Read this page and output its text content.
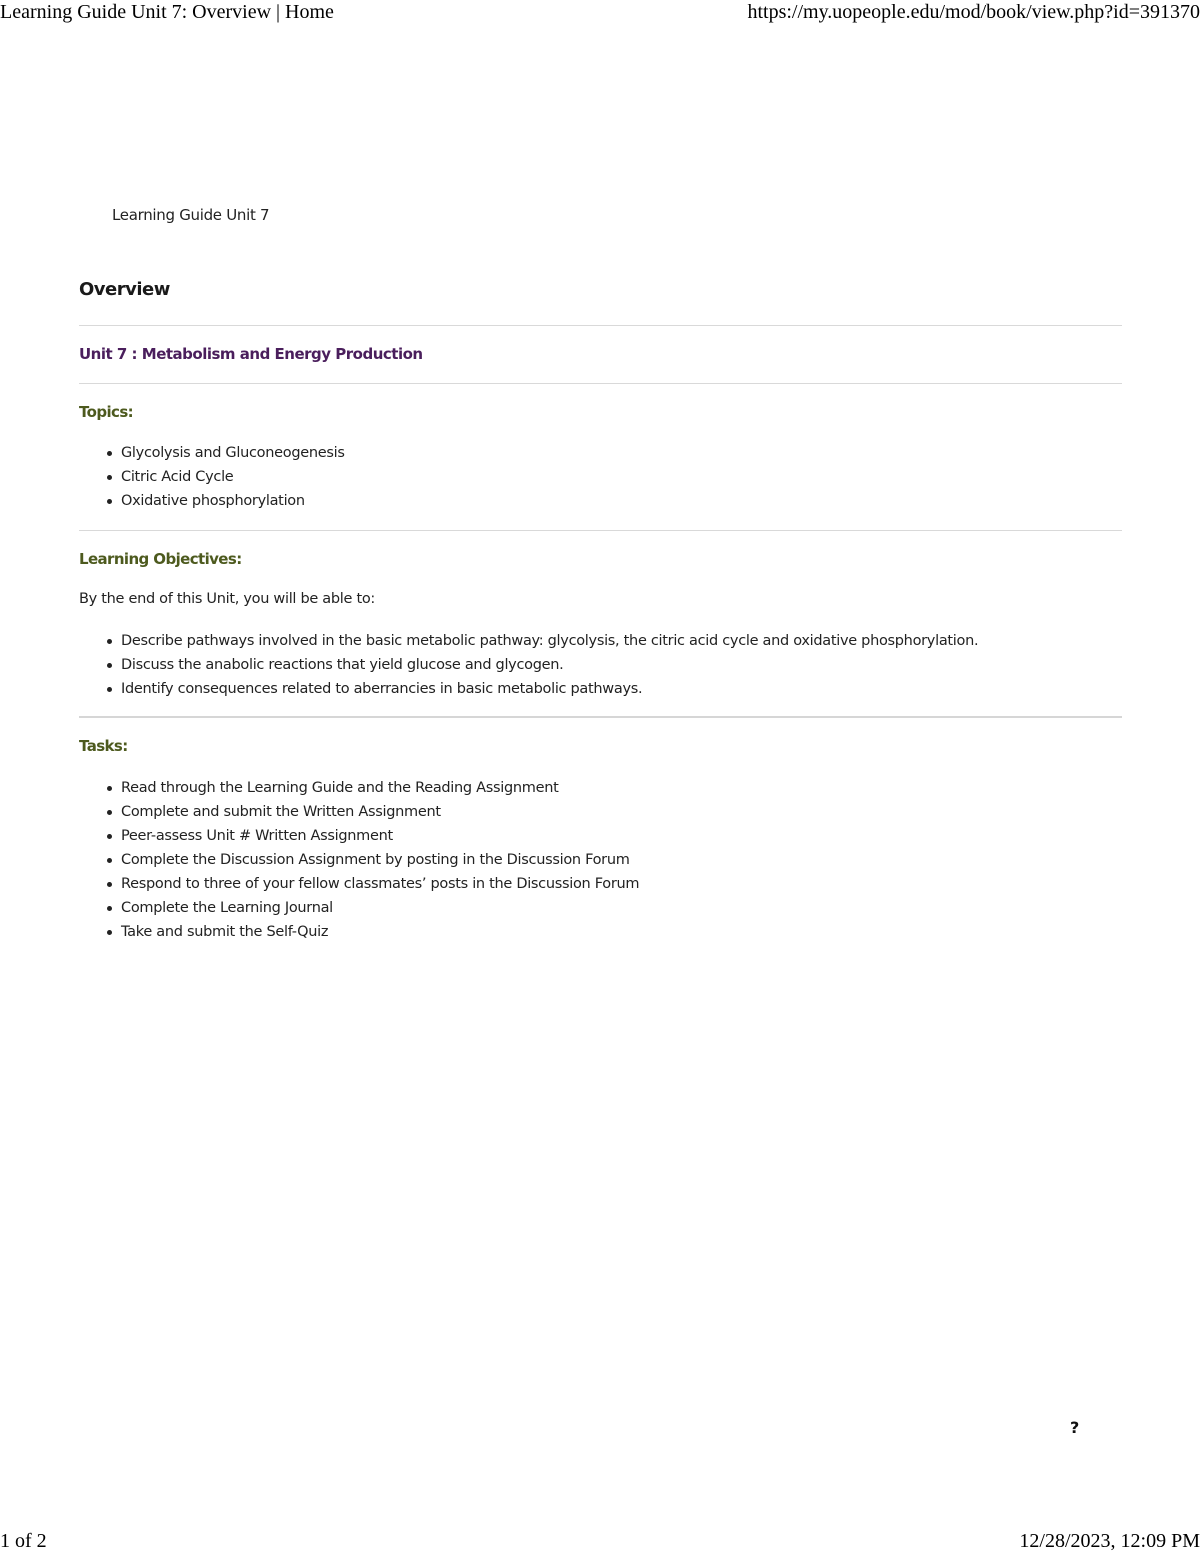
Learning Guide Unit 7: Overview | Home	https://my.uopeople.edu/mod/book/view.php?id=391370
Learning Guide Unit 7
Overview
Unit 7 : Metabolism and Energy Production
Topics:
Glycolysis and Gluconeogenesis
Citric Acid Cycle
Oxidative phosphorylation
Learning Objectives:
By the end of this Unit, you will be able to:
Describe pathways involved in the basic metabolic pathway: glycolysis, the citric acid cycle and oxidative phosphorylation.
Discuss the anabolic reactions that yield glucose and glycogen.
Identify consequences related to aberrancies in basic metabolic pathways.
Tasks:
Read through the Learning Guide and the Reading Assignment
Complete and submit the Written Assignment
Peer-assess Unit # Written Assignment
Complete the Discussion Assignment by posting in the Discussion Forum
Respond to three of your fellow classmates’ posts in the Discussion Forum
Complete the Learning Journal
Take and submit the Self-Quiz
?
1 of 2	12/28/2023, 12:09 PM
